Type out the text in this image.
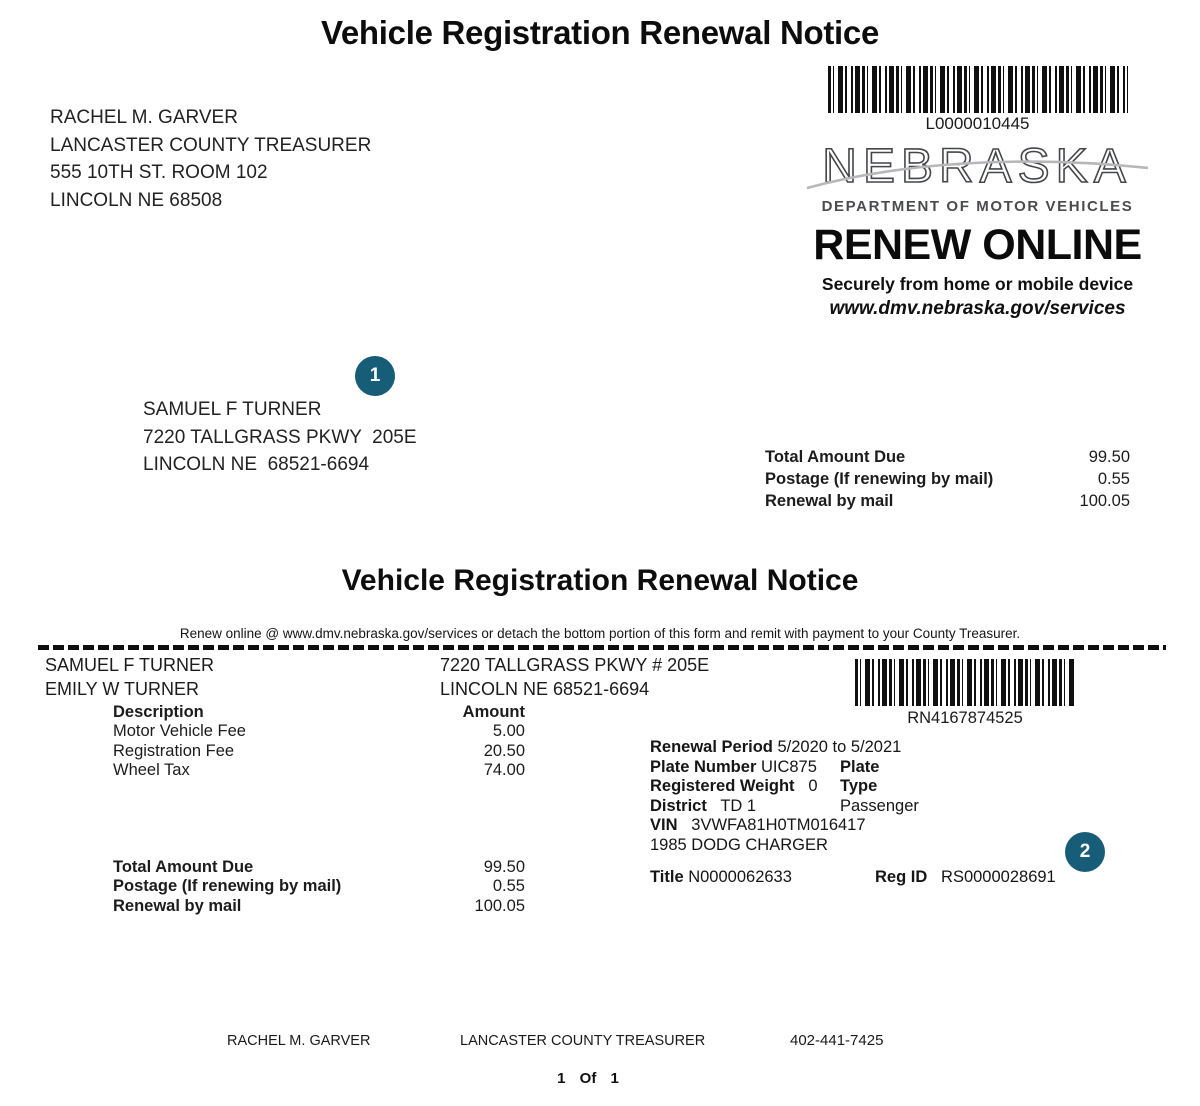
Vehicle Registration Renewal Notice
RACHEL M. GARVER
LANCASTER COUNTY TREASURER
555 10TH ST. ROOM 102
LINCOLN NE 68508
L0000010445
NEBRASKA
DEPARTMENT OF MOTOR VEHICLES
RENEW ONLINE
Securely from home or mobile device
www.dmv.nebraska.gov/services
1
SAMUEL F TURNER
7220 TALLGRASS PKWY  205E
LINCOLN NE  68521-6694	Total Amount Due	99.50
Postage (If renewing by mail)	0.55
Renewal by mail	100.05
Vehicle Registration Renewal Notice
Renew online @ www.dmv.nebraska.gov/services or detach the bottom portion of this form and remit with payment to your County Treasurer.
SAMUEL F TURNER
EMILY W TURNER
7220 TALLGRASS PKWY # 205E
LINCOLN NE 68521-6694
RN4167874525
Description	Amount
Motor Vehicle Fee	5.00
Registration Fee	20.50
Wheel Tax	74.00
Renewal Period 5/2020 to 5/2021
Plate Number UIC875 Plate Type Passenger
Registered Weight 0
District TD 1
VIN 3VWFA81H0TM016417
1985 DODG CHARGER
Title N0000062633	Reg ID RS0000028691
2
Total Amount Due	99.50
Postage (If renewing by mail)	0.55
Renewal by mail	100.05
RACHEL M. GARVER	LANCASTER COUNTY TREASURER	402-441-7425
1 Of 1
